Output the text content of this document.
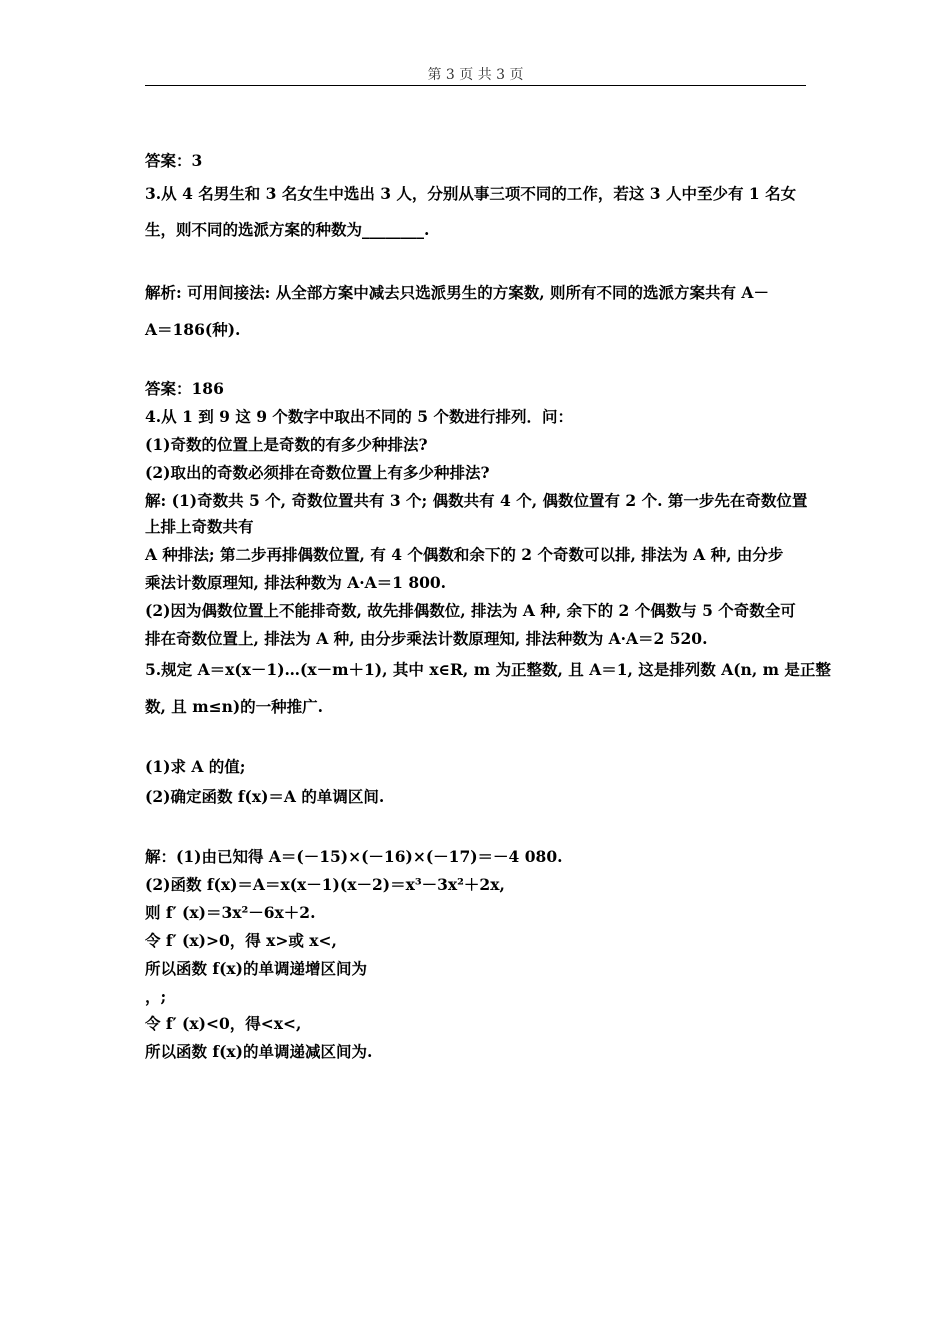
第 3 页 共 3 页
答案：3
3.从 4 名男生和 3 名女生中选出 3 人，分别从事三项不同的工作，若这 3 人中至少有 1 名女
生，则不同的选派方案的种数为________.
解析: 可用间接法: 从全部方案中减去只选派男生的方案数, 则所有不同的选派方案共有 A－
A＝186(种).
答案：186
4.从 1 到 9 这 9 个数字中取出不同的 5 个数进行排列．问：
(1)奇数的位置上是奇数的有多少种排法?
(2)取出的奇数必须排在奇数位置上有多少种排法?
解: (1)奇数共 5 个, 奇数位置共有 3 个; 偶数共有 4 个, 偶数位置有 2 个. 第一步先在奇数位置
上排上奇数共有
A 种排法; 第二步再排偶数位置, 有 4 个偶数和余下的 2 个奇数可以排, 排法为 A 种, 由分步
乘法计数原理知, 排法种数为 A·A＝1 800.
(2)因为偶数位置上不能排奇数, 故先排偶数位, 排法为 A 种, 余下的 2 个偶数与 5 个奇数全可
排在奇数位置上, 排法为 A 种, 由分步乘法计数原理知, 排法种数为 A·A＝2 520.
5.规定 A＝x(x－1)…(x－m＋1), 其中 x∈R, m 为正整数, 且 A＝1, 这是排列数 A(n, m 是正整
数, 且 m≤n)的一种推广.
(1)求 A 的值;
(2)确定函数 f(x)＝A 的单调区间.
解：(1)由已知得 A＝(－15)×(－16)×(－17)＝－4 080.
(2)函数 f(x)＝A＝x(x－1)(x－2)＝x³－3x²＋2x,
则 f′ (x)＝3x²－6x＋2.
令 f′ (x)>0，得 x>或 x<,
所以函数 f(x)的单调递增区间为
，;
令 f′ (x)<0，得<x<,
所以函数 f(x)的单调递减区间为.
